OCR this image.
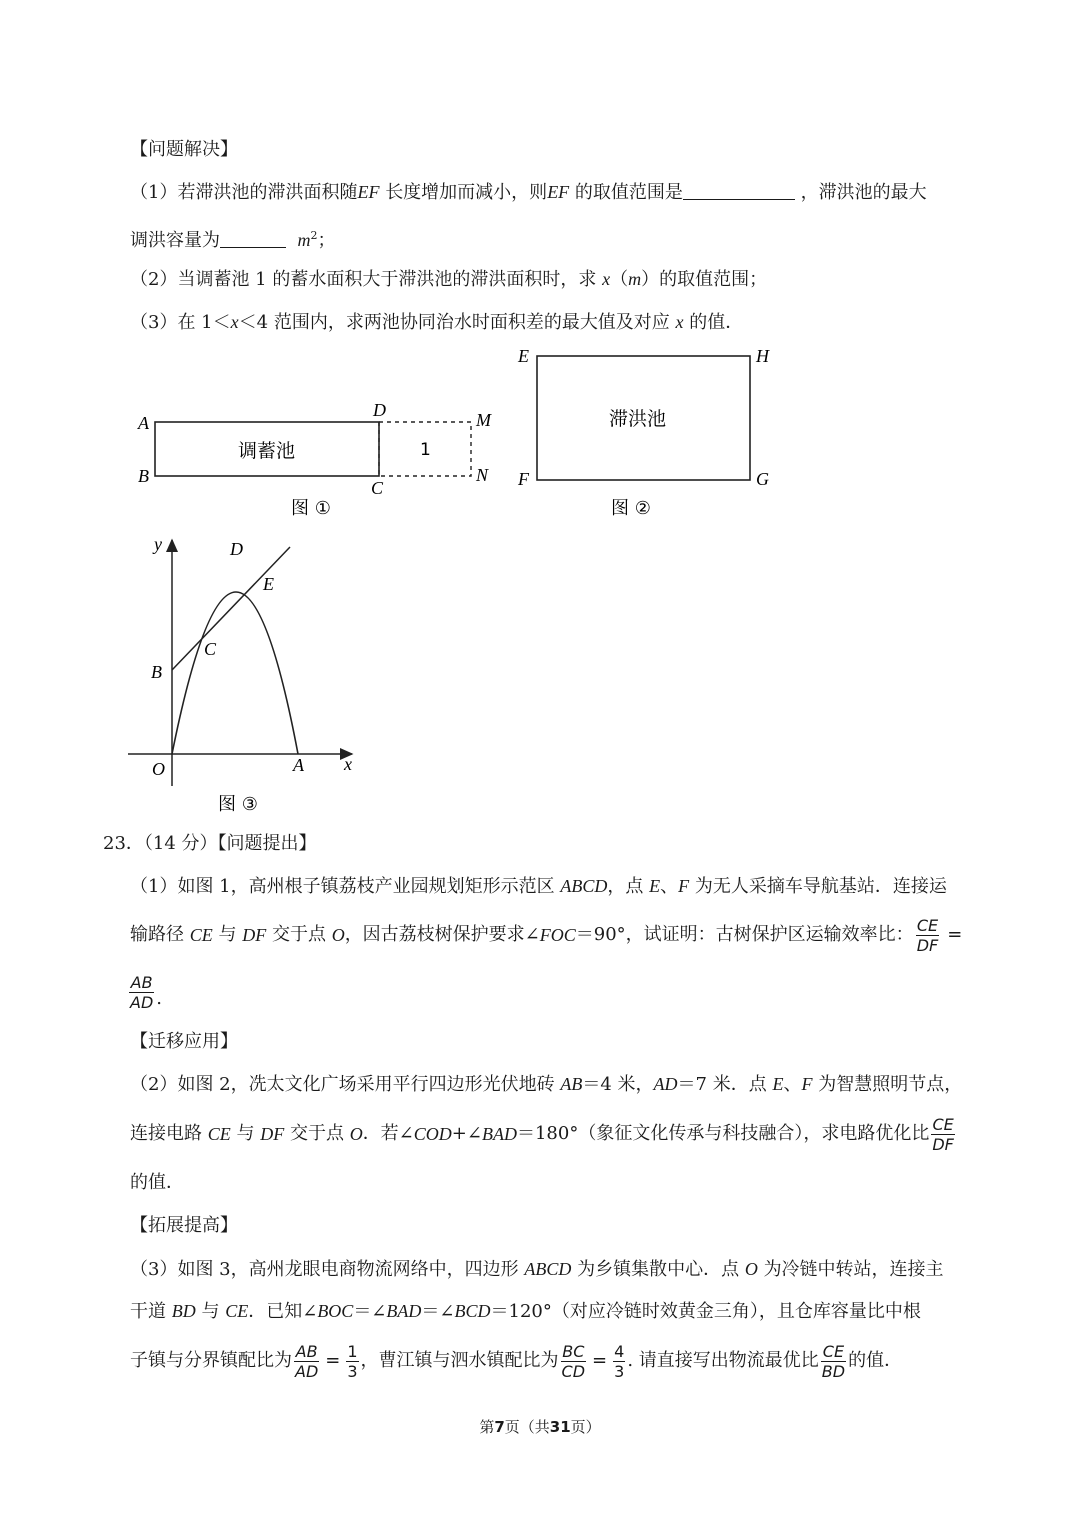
【问题解决】
（1）若滞洪池的滞洪面积随EF 长度增加而减小，则EF 的取值范围是	，滞洪池的最大
调洪容量为	$m^2$；
（2）当调蓄池 1 的蓄水面积大于滞洪池的滞洪面积时，求 x（m）的取值范围；
（3）在 1＜x＜4 范围内，求两池协同治水时面积差的最大值及对应 x 的值．
A
B
D
C
M
N
调蓄池	1
图 ①
E	H
F	G
滞洪池
图 ②
y
x
O	A
B
C
D
E
图 ③
23．（14 分）【问题提出】
（1）如图 1，高州根子镇荔枝产业园规划矩形示范区 ABCD，点 E、F 为无人采摘车导航基站．连接运
输路径
CE
与
DF
交于点
O ，因古荔枝树保护要求∠ FOC ＝90°，试证明：古树保护区运输效率比： $\frac{CE}{DF}$ =
$\frac{AB}{AD}$ .
【迁移应用】
（2）如图 2，冼太文化广场采用平行四边形光伏地砖 AB＝4 米，AD＝7 米．点 E、F 为智慧照明节点，
连接电路
CE
与
DF
交于点
O ．若∠ COD +∠ BAD ＝180°（象征文化传承与科技融合），求电路优化比 $\frac{CE}{DF}$
的值．
【拓展提高】
（3）如图 3，高州龙眼电商物流网络中，四边形 ABCD 为乡镇集散中心．点 O 为冷链中转站，连接主
干道 BD 与 CE．已知∠BOC＝∠BAD＝∠BCD＝120°（对应冷链时效黄金三角），且仓库容量比中根
子镇与分界镇配比为 $\frac{AB}{AD} = \frac{1}{3}$ ，曹江镇与泗水镇配比为 $\frac{BC}{CD} = \frac{4}{3}$ . 请直接写出物流最优比 $\frac{CE}{BD}$ 的值．
第7页（共31页）
